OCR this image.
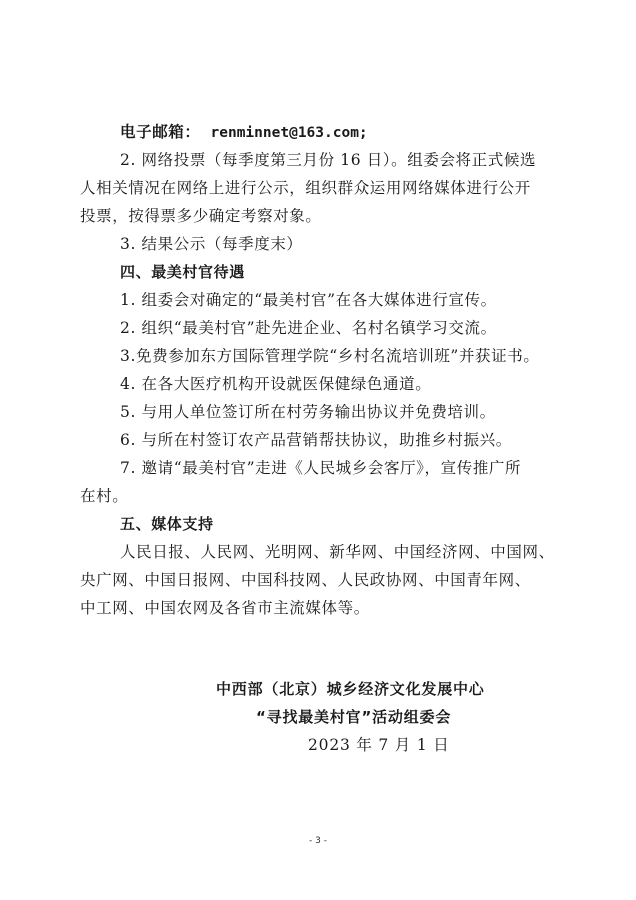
电子邮箱： renminnet@163.com;
2. 网络投票（每季度第三月份 16 日）。组委会将正式候选
人相关情况在网络上进行公示，组织群众运用网络媒体进行公开
投票，按得票多少确定考察对象。
3. 结果公示（每季度末）
四、最美村官待遇
1. 组委会对确定的“最美村官”在各大媒体进行宣传。
2. 组织“最美村官”赴先进企业、名村名镇学习交流。
3.免费参加东方国际管理学院“乡村名流培训班”并获证书。
4. 在各大医疗机构开设就医保健绿色通道。
5. 与用人单位签订所在村劳务输出协议并免费培训。
6. 与所在村签订农产品营销帮扶协议，助推乡村振兴。
7. 邀请“最美村官”走进《人民城乡会客厅》，宣传推广所
在村。
五、媒体支持
人民日报、人民网、光明网、新华网、中国经济网、中国网、
央广网、中国日报网、中国科技网、人民政协网、中国青年网、
中工网、中国农网及各省市主流媒体等。
中西部（北京）城乡经济文化发展中心
“寻找最美村官”活动组委会
2023 年 7 月 1 日
- 3 -
